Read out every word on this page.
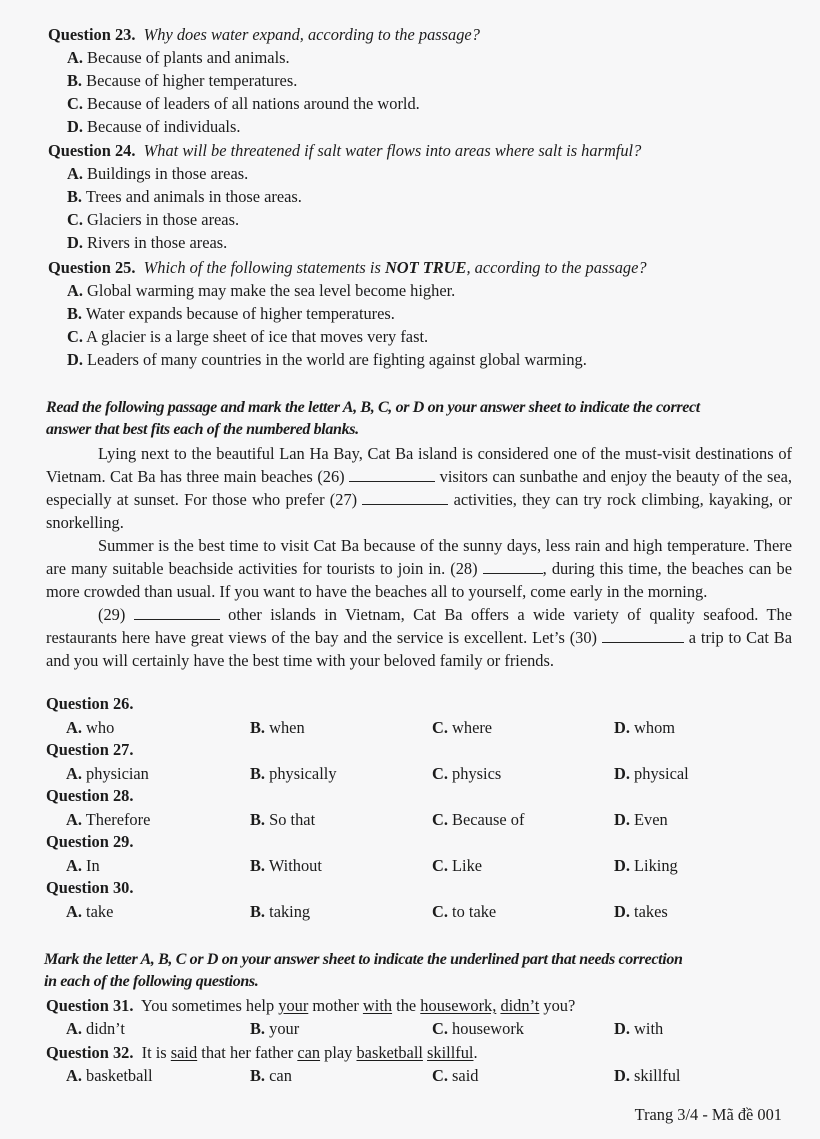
Question 23. Why does water expand, according to the passage?
A. Because of plants and animals.
B. Because of higher temperatures.
C. Because of leaders of all nations around the world.
D. Because of individuals.
Question 24. What will be threatened if salt water flows into areas where salt is harmful?
A. Buildings in those areas.
B. Trees and animals in those areas.
C. Glaciers in those areas.
D. Rivers in those areas.
Question 25. Which of the following statements is NOT TRUE, according to the passage?
A. Global warming may make the sea level become higher.
B. Water expands because of higher temperatures.
C. A glacier is a large sheet of ice that moves very fast.
D. Leaders of many countries in the world are fighting against global warming.
Read the following passage and mark the letter A, B, C, or D on your answer sheet to indicate the correct
answer that best fits each of the numbered blanks.

Lying next to the beautiful Lan Ha Bay, Cat Ba island is considered one of the must-visit destinations of Vietnam. Cat Ba has three main beaches (26)	visitors can sunbathe and enjoy the beauty of the sea, especially at sunset. For those who prefer (27)	activities, they can try rock climbing, kayaking, or snorkelling.

Summer is the best time to visit Cat Ba because of the sunny days, less rain and high temperature. There are many suitable beachside activities for tourists to join in. (28)	, during this time, the beaches can be more crowded than usual. If you want to have the beaches all to yourself, come early in the morning.

(29)	other islands in Vietnam, Cat Ba offers a wide variety of quality seafood. The restaurants here have great views of the bay and the service is excellent. Let’s (30)	a trip to Cat Ba and you will certainly have the best time with your beloved family or friends.

Question 26.
A. who	B. when	C. where	D. whom
Question 27.
A. physician	B. physically	C. physics	D. physical
Question 28.
A. Therefore	B. So that	C. Because of	D. Even
Question 29.
A. In	B. Without	C. Like	D. Liking
Question 30.
A. take	B. taking	C. to take	D. takes
Mark the letter A, B, C or D on your answer sheet to indicate the underlined part that needs correction
in each of the following questions.
Question 31. You sometimes help your mother with the housework, didn’t you?
A. didn’t	B. your	C. housework	D. with
Question 32. It is said that her father can play basketball skillful.
A. basketball	B. can	C. said	D. skillful
Trang 3/4 - Mã đề 001
